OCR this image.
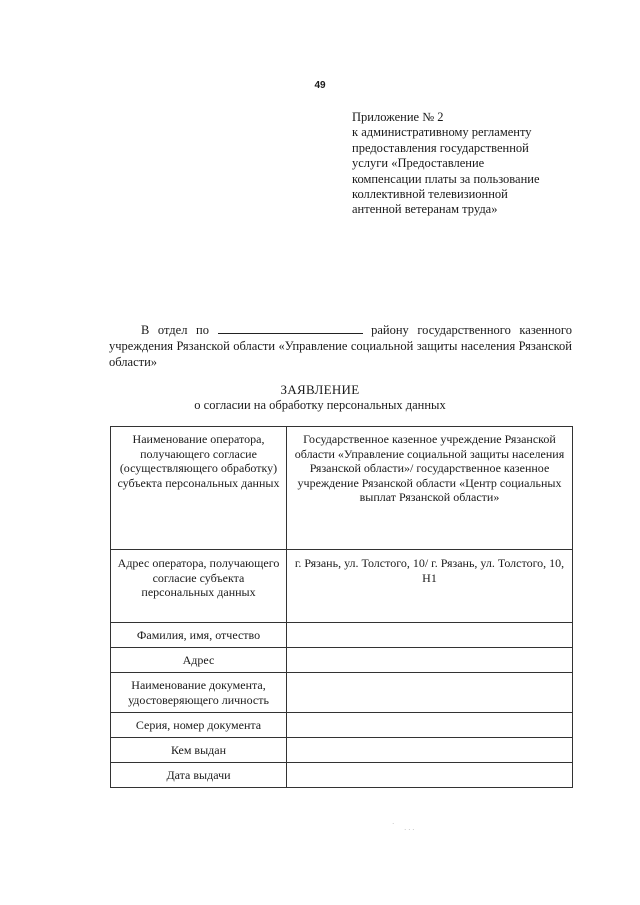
49
Приложение № 2
к административному регламенту
предоставления государственной
услуги «Предоставление
компенсации платы за пользование
коллективной телевизионной
антенной ветеранам труда»

В отдел по	району государственного казенного учреждения Рязанской области «Управление социальной защиты населения Рязанской области»

ЗАЯВЛЕНИЕ
о согласии на обработку персональных данных
Наименование оператора, получающего согласие (осуществляющего обработку) субъекта персональных данных	Государственное казенное учреждение Рязанской области «Управление социальной защиты населения Рязанской области»/ государственное казенное учреждение Рязанской области «Центр социальных выплат Рязанской области»
Адрес оператора, получающего согласие субъекта персональных данных	г. Рязань, ул. Толстого, 10/ г. Рязань, ул. Толстого, 10, Н1
Фамилия, имя, отчество	
Адрес	
Наименование документа, удостоверяющего личность	
Серия, номер документа	
Кем выдан	
Дата выдачи	
·
· · ·
